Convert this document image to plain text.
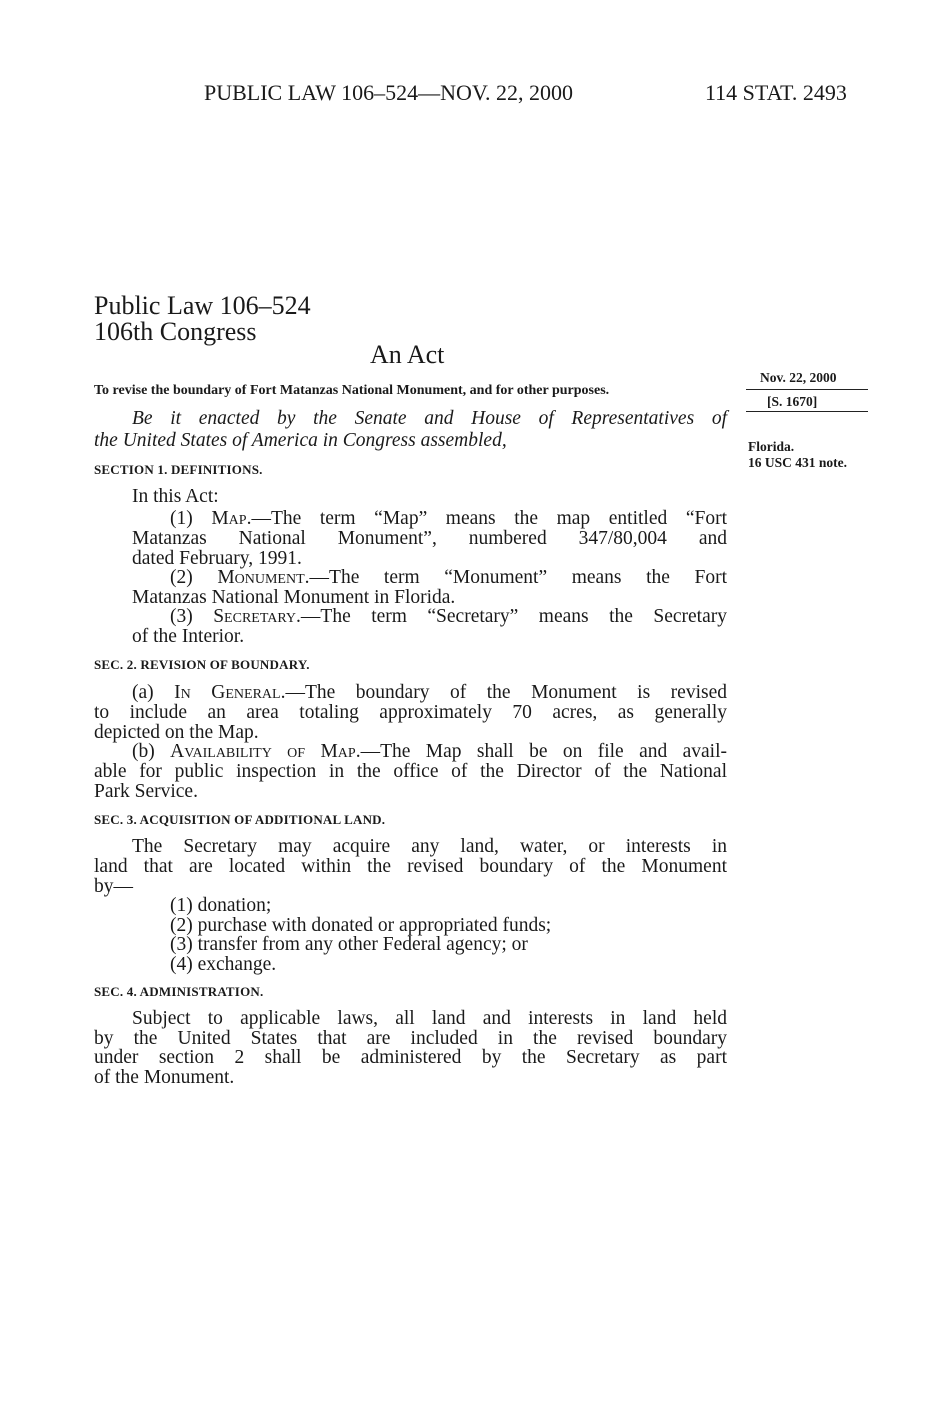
PUBLIC LAW 106–524—NOV. 22, 2000	114 STAT. 2493
Public Law 106–524
106th Congress
An Act
To revise the boundary of Fort Matanzas National Monument, and for other purposes.
Nov. 22, 2000
[S. 1670]
Florida.
16 USC 431 note.
Be it enacted by the Senate and House of Representatives of
the United States of America in Congress assembled,
SECTION 1. DEFINITIONS.
In this Act:
(1) Map.—The term “Map” means the map entitled “Fort
Matanzas National Monument”, numbered 347/80,004 and
dated February, 1991.
(2) Monument.—The term “Monument” means the Fort
Matanzas National Monument in Florida.
(3) Secretary.—The term “Secretary” means the Secretary
of the Interior.
SEC. 2. REVISION OF BOUNDARY.
(a) In General.—The boundary of the Monument is revised
to include an area totaling approximately 70 acres, as generally
depicted on the Map.
(b) Availability of Map.—The Map shall be on file and avail-
able for public inspection in the office of the Director of the National
Park Service.
SEC. 3. ACQUISITION OF ADDITIONAL LAND.
The Secretary may acquire any land, water, or interests in
land that are located within the revised boundary of the Monument
by—
(1) donation;
(2) purchase with donated or appropriated funds;
(3) transfer from any other Federal agency; or
(4) exchange.
SEC. 4. ADMINISTRATION.
Subject to applicable laws, all land and interests in land held
by the United States that are included in the revised boundary
under section 2 shall be administered by the Secretary as part
of the Monument.
